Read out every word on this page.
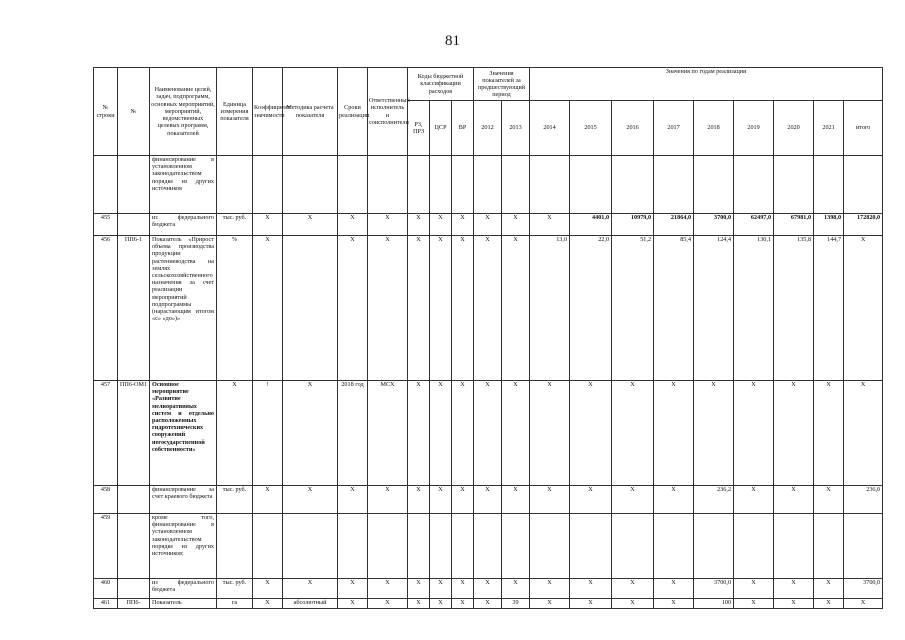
81
№ строки	№	Наименование целей, задач, подпрограмм, основных мероприятий, мероприятий, ведомственных целевых программ, показателей	Единица измерения показателя	Коэффициент значимости	Методика расчета показателя	Сроки реализации	Ответственный исполнитель и соисполнители	Коды бюджетной классификации расходов			Значения показателей за предшествующий период		Значения по годам реализации								
								РЗ, ПРЗ	ЦСР	ВР	2012	2013	2014	2015	2016	2017	2018	2019	2020	2021	итого
		финансирование в установленном законодательством порядке из других источников																			
455		из федерального бюджета	тыс. руб.	X	X	X	X	X	X	X	X	X	X	4401,0	10979,0	21864,0	3700,0	62497,0	67981,0	1398,0	172820,0
456	ПП6-1	Показатель «Прирост объема производства продукции растениеводства на землях сельскохозяйственного назначения за счет реализации мероприятий подпрограммы (нарастающим итогом «с» «до»)»	%	X		X	X	X	X	X	X	X	13,0	22,0	51,2	85,4	124,4	130,1	135,8	144,7	X
457	ПП6-ОМ1	Основное мероприятие «Развитие мелиоративных систем и отдельно расположенных гидротехнических сооружений негосударственной собственности»	X	!	X	2018 год	МСХ	X	X	X	X	X	X	X	X	X	X	X	X	X	X
458		финансирование за счет краевого бюджета	тыс. руб.	X	X	X	X	X	X	X	X	X	X	X	X	X	236,2	X	X	X	236,0
459		кроме того, финансирование в установленном законодательством порядке из других источников:																			
460		из федерального бюджета	тыс. руб.	X	X	X	X	X	X	X	X	X	X	X	X	X	3700,0	X	X	X	3700,0
461	ПП6-	Показатель	га	X	абсолютный	X	X	X	X	X	X	39	X	X	X	X	100	X	X	X	X
